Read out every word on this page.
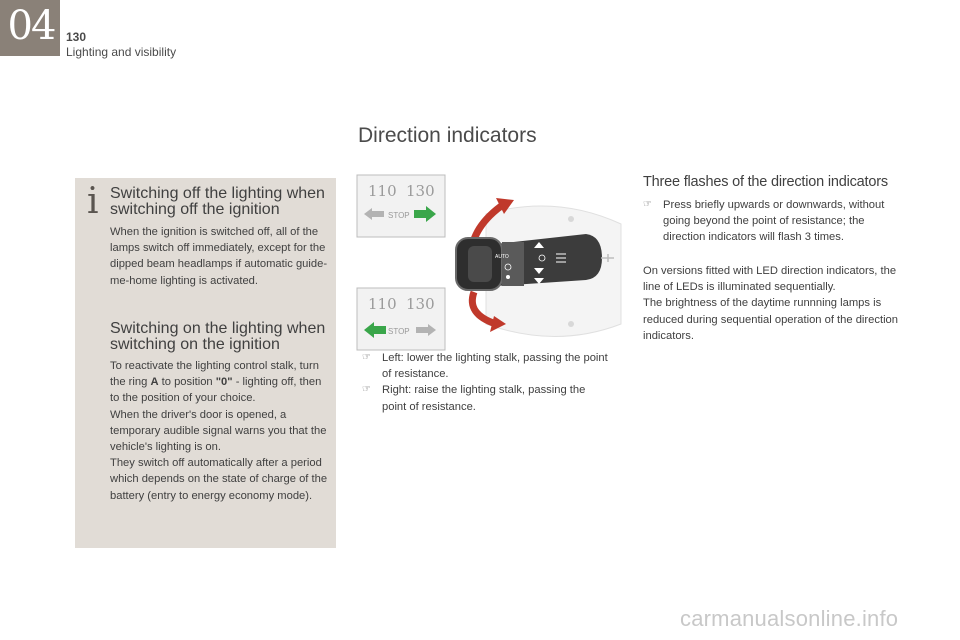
04 130
Lighting and visibility
Direction indicators
i Switching off the lighting when switching off the ignition
When the ignition is switched off, all of the lamps switch off immediately, except for the dipped beam headlamps if automatic guide-me-home lighting is activated.
Switching on the lighting when switching on the ignition
To reactivate the lighting control stalk, turn the ring A to position "0" - lighting off, then to the position of your choice.
When the driver's door is opened, a temporary audible signal warns you that the vehicle's lighting is on.
They switch off automatically after a period which depends on the state of charge of the battery (entry to energy economy mode).
110 130
STOP
110 130
STOP
AUTO
☞ Left: lower the lighting stalk, passing the point of resistance.
☞ Right: raise the lighting stalk, passing the point of resistance.
Three flashes of the direction indicators
☞ Press briefly upwards or downwards, without going beyond the point of resistance; the direction indicators will flash 3 times.
On versions fitted with LED direction indicators, the line of LEDs is illuminated sequentially.
The brightness of the daytime runnning lamps is reduced during sequential operation of the direction indicators.
carmanualsonline.info
